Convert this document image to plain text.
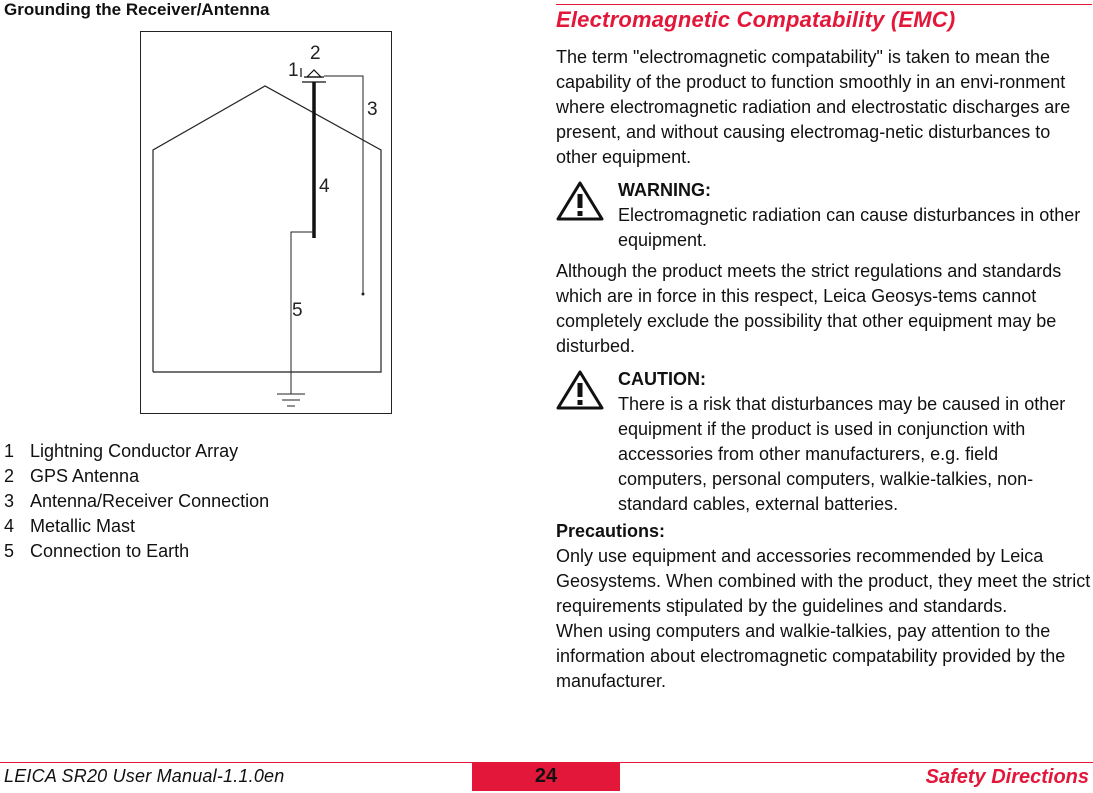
Grounding the Receiver/Antenna
1
2
3
4
5
1 Lightning Conductor Array
2 GPS Antenna
3 Antenna/Receiver Connection
4 Metallic Mast
5 Connection to Earth
Electromagnetic Compatability (EMC)

The term "electromagnetic compatability" is taken to mean the capability of the product to function smoothly in an envi-ronment where electromagnetic radiation and electrostatic discharges are present, and without causing electromag-netic disturbances to other equipment.

WARNING:
Electromagnetic radiation can cause disturbances in other equipment.

Although the product meets the strict regulations and standards which are in force in this respect, Leica Geosys-tems cannot completely exclude the possibility that other equipment may be disturbed.

CAUTION:
There is a risk that disturbances may be caused in other equipment if the product is used in conjunction with accessories from other manufacturers, e.g. field computers, personal computers, walkie-talkies, non-standard cables, external batteries.
Precautions:

Only use equipment and accessories recommended by Leica Geosystems. When combined with the product, they meet the strict requirements stipulated by the guidelines and standards.

When using computers and walkie-talkies, pay attention to the information about electromagnetic compatability provided by the manufacturer.

LEICA SR20 User Manual-1.1.0en	24	Safety Directions
